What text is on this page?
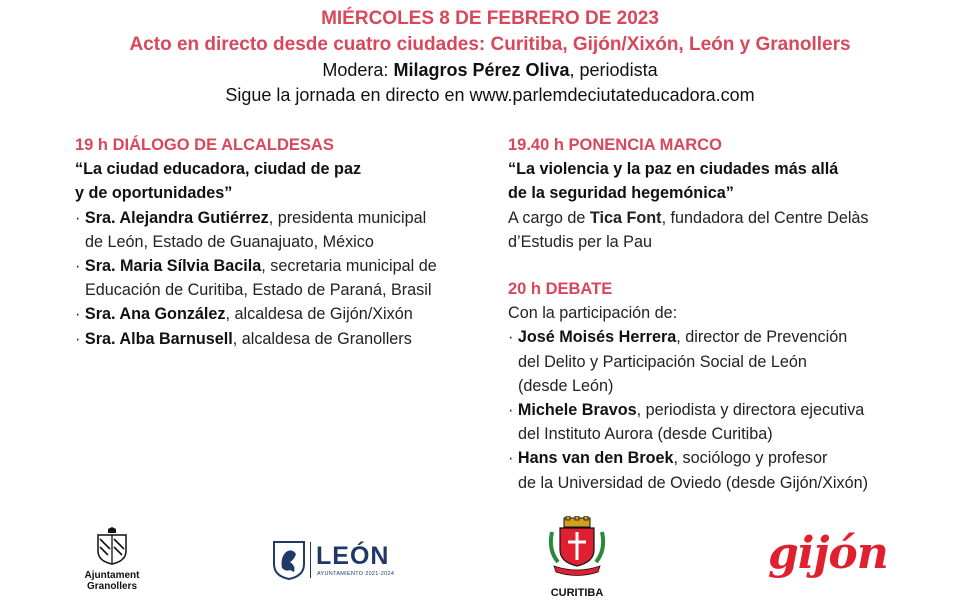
MIÉRCOLES 8 DE FEBRERO DE 2023
Acto en directo desde cuatro ciudades: Curitiba, Gijón/Xixón, León y Granollers
Modera: Milagros Pérez Oliva, periodista
Sigue la jornada en directo en www.parlemdeciutateducadora.com
19 h DIÁLOGO DE ALCALDESAS
“La ciudad educadora, ciudad de paz
y de oportunidades”
· Sra. Alejandra Gutiérrez, presidenta municipal
de León, Estado de Guanajuato, México
· Sra. Maria Sílvia Bacila, secretaria municipal de
Educación de Curitiba, Estado de Paraná, Brasil
· Sra. Ana González, alcaldesa de Gijón/Xixón
· Sra. Alba Barnusell, alcaldesa de Granollers
19.40 h PONENCIA MARCO
“La violencia y la paz en ciudades más allá
de la seguridad hegemónica”
A cargo de Tica Font, fundadora del Centre Delàs
d’Estudis per la Pau
20 h DEBATE
Con la participación de:
· José Moisés Herrera, director de Prevención
del Delito y Participación Social de León
(desde León)
· Michele Bravos, periodista y directora ejecutiva
del Instituto Aurora (desde Curitiba)
· Hans van den Broek, sociólogo y profesor
de la Universidad de Oviedo (desde Gijón/Xixón)
Ajuntament
Granollers
LEÓN
AYUNTAMIENTO 2021-2024
CURITIBA
gijón
